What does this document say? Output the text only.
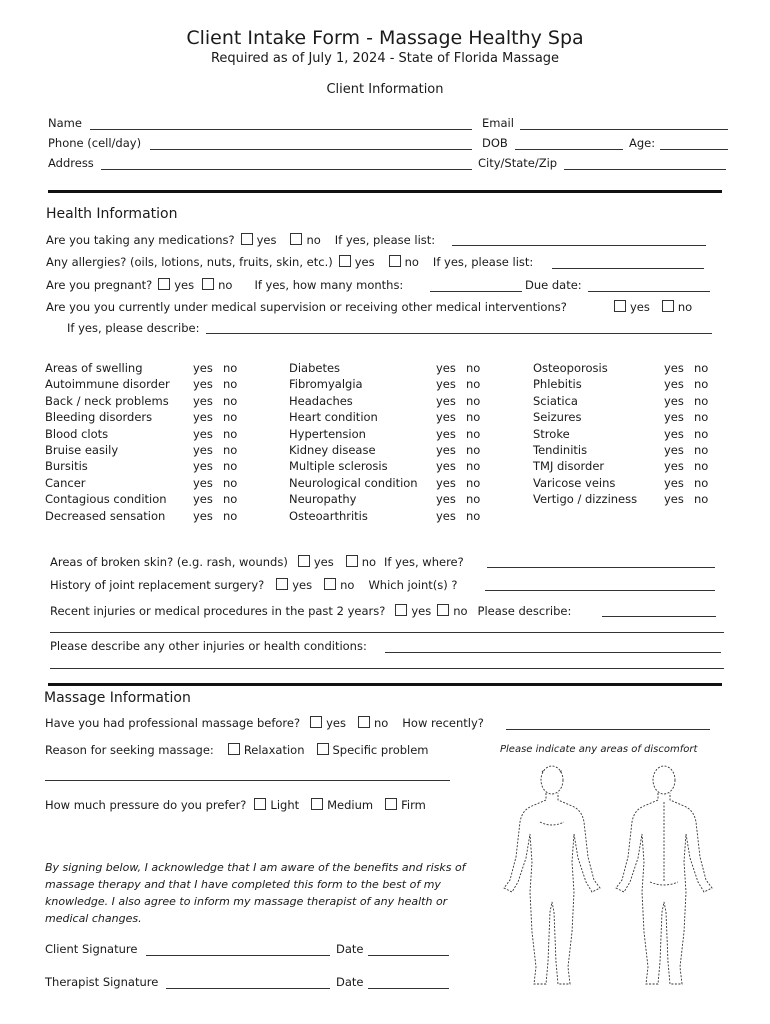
Client Intake Form - Massage Healthy Spa
Required as of July 1, 2024 - State of Florida Massage
Client Information
Name	Email
Phone (cell/day)	DOB	Age:
Address	City/State/Zip
Health Information
Are you taking any medications? yes	no If yes, please list:
Any allergies? (oils, lotions, nuts, fruits, skin, etc.) yes	no If yes, please list:
Are you pregnant? yes no If yes, how many months:	Due date:
Are you you currently under medical supervision or receiving other medical interventions?	yes no
If yes, please describe:
Areas of swelling	yes no
Autoimmune disorder yes no
Back / neck problems yes no
Bleeding disorders	yes no
Blood clots	yes no
Bruise easily	yes no
Bursitis	yes no
Cancer	yes no
Contagious condition yes no
Decreased sensation yes no
Diabetes	yes no
Fibromyalgia	yes no
Headaches	yes no
Heart condition	yes no
Hypertension	yes no
Kidney disease	yes no
Multiple sclerosis	yes no
Neurological condition yes no
Neuropathy	yes no
Osteoarthritis	yes no
Osteoporosis	yes no
Phlebitis	yes no
Sciatica	yes no
Seizures	yes no
Stroke	yes no
Tendinitis	yes no
TMJ disorder	yes no
Varicose veins	yes no
Vertigo / dizziness yes no
Areas of broken skin? (e.g. rash, wounds) yes no If yes, where?
History of joint replacement surgery? yes no Which joint(s) ?
Recent injuries or medical procedures in the past 2 years? yes no Please describe:
Please describe any other injuries or health conditions:
Massage Information
Have you had professional massage before? yes no How recently?
Reason for seeking massage:	Relaxation Specific problem	Please indicate any areas of discomfort
How much pressure do you prefer? Light Medium Firm
By signing below, I acknowledge that I am aware of the benefits and risks of massage therapy and that I have completed this form to the best of my knowledge. I also agree to inform my massage therapist of any health or medical changes.
Client Signature	Date
Therapist Signature	Date
